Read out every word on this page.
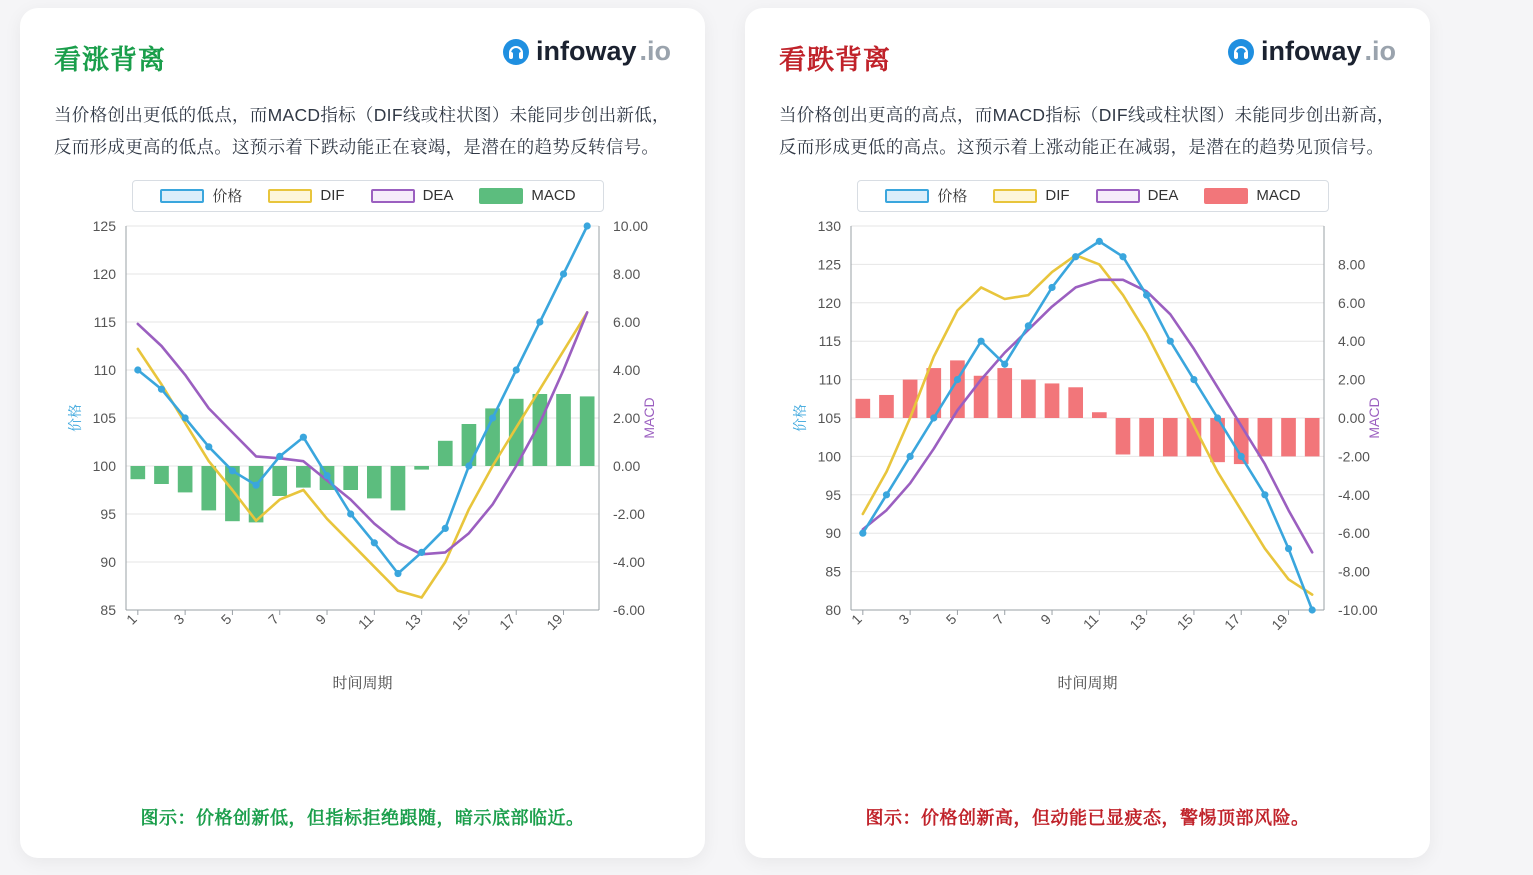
看涨背离	infoway .io

当价格创出更低的低点，而MACD指标（DIF线或柱状图）未能同步创出新低，反而形成更高的低点。这预示着下跌动能正在衰竭，是潜在的趋势反转信号。

价格	DIF	DEA	MACD
85
90
95
100
105
110
115
120
125
-6.00
-4.00
-2.00
0.00
2.00
4.00
6.00
8.00
10.00
1 3 5 7 9 11 13 15 17 19
时间周期
价格	MACD
图示：价格创新低，但指标拒绝跟随，暗示底部临近。
看跌背离	infoway .io

当价格创出更高的高点，而MACD指标（DIF线或柱状图）未能同步创出新高，反而形成更低的高点。这预示着上涨动能正在减弱，是潜在的趋势见顶信号。

价格	DIF	DEA	MACD
80
85
90
95
100
105
110
115
120
125
130
-10.00
-8.00
-6.00
-4.00
-2.00
0.00
2.00
4.00
6.00
8.00
1 3 5 7 9 11 13 15 17 19
时间周期
价格	MACD
图示：价格创新高，但动能已显疲态，警惕顶部风险。
